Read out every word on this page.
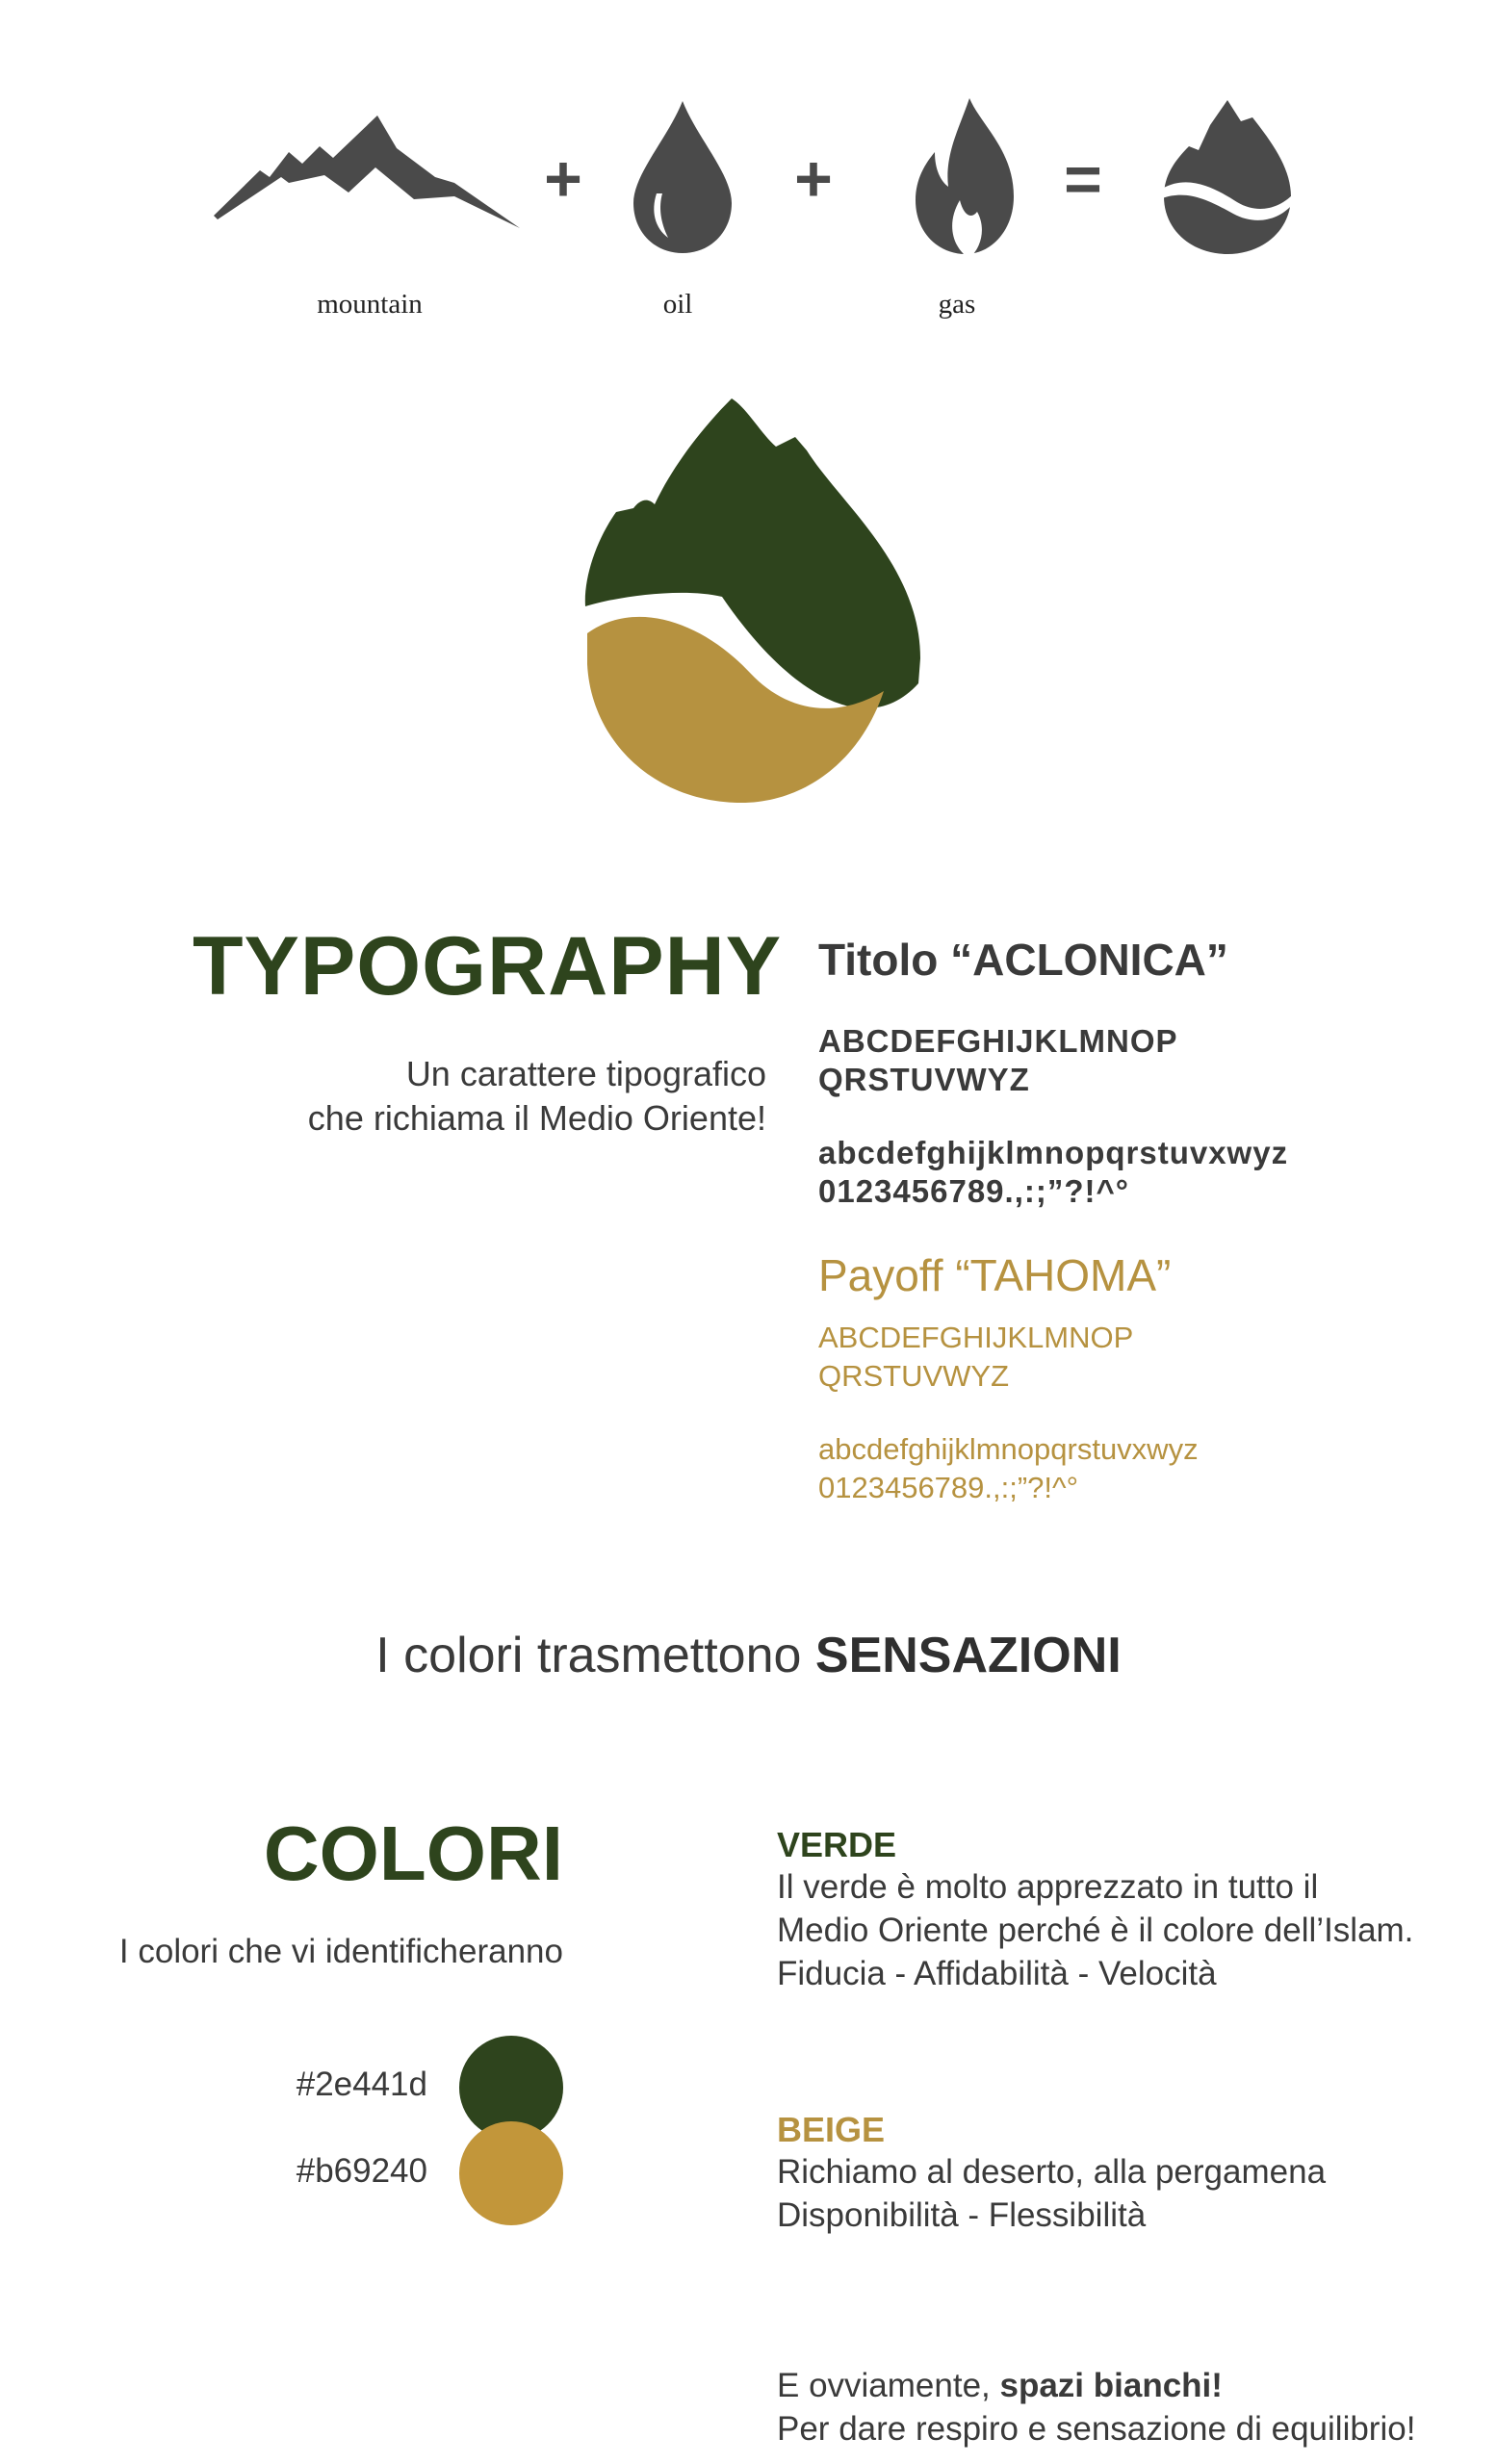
+	+	=
mountain	oil	gas
TYPOGRAPHY
Un carattere tipografico
che richiama il Medio Oriente!
Titolo “ACLONICA”
ABCDEFGHIJKLMNOP
QRSTUVWYZ
abcdefghijklmnopqrstuvxwyz
0123456789.,:;”?!^°
Payoff “TAHOMA”
ABCDEFGHIJKLMNOP
QRSTUVWYZ
abcdefghijklmnopqrstuvxwyz
0123456789.,:;”?!^°
I colori trasmettono SENSAZIONI
COLORI
I colori che vi identificheranno
#2e441d
#b69240
VERDE
Il verde è molto apprezzato in tutto il
Medio Oriente perché è il colore dell’Islam.
Fiducia - Affidabilità - Velocità
BEIGE
Richiamo al deserto, alla pergamena
Disponibilità - Flessibilità
E ovviamente, spazi bianchi!
Per dare respiro e sensazione di equilibrio!
